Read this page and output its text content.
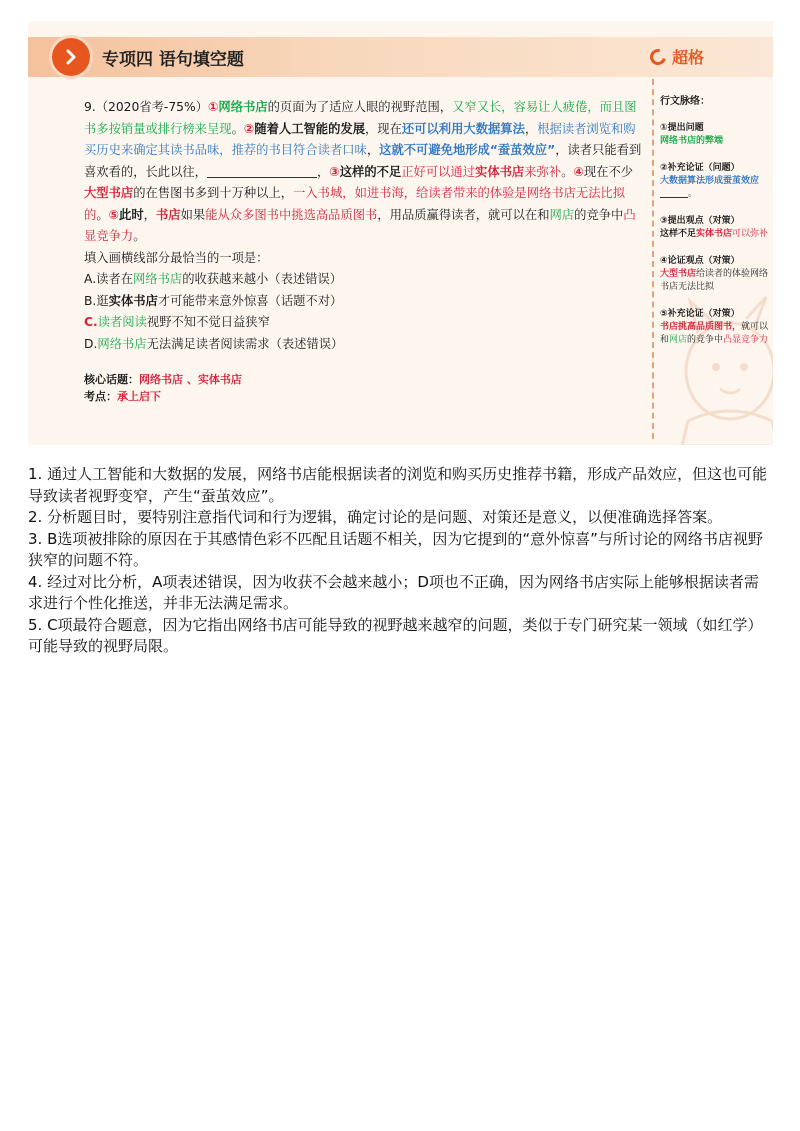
专项四 语句填空题	超格

9.（2020省考-75%）①网络书店的页面为了适应人眼的视野范围，又窄又长，容易让人疲倦，而且图书多按销量或排行榜来呈现。②随着人工智能的发展，现在还可以利用大数据算法，根据读者浏览和购买历史来确定其读书品味，推荐的书目符合读者口味，这就不可避免地形成“蚕茧效应”，读者只能看到喜欢看的，长此以往，	，③这样的不足正好可以通过实体书店来弥补。④现在不少大型书店的在售图书多到十万种以上，一入书城，如进书海，给读者带来的体验是网络书店无法比拟的。⑤此时，书店如果能从众多图书中挑选高品质图书，用品质赢得读者，就可以在和网店的竞争中凸显竞争力。

填入画横线部分最恰当的一项是：

A.读者在网络书店的收获越来越小（表述错误）

B.逛实体书店才可能带来意外惊喜（话题不对）

C.读者阅读视野不知不觉日益狭窄

D.网络书店无法满足读者阅读需求（表述错误）

核心话题：网络书店 、实体书店
考点：承上启下
行文脉络：
①提出问题
网络书店的弊端
②补充论证（问题）
大数据算法形成蚕茧效应。
③提出观点（对策）
这样不足实体书店可以弥补
④论证观点（对策）
大型书店给读者的体验网络书店无法比拟
⑤补充论证（对策）
书店挑高品质图书，就可以和网店的竞争中凸显竞争力

1. 通过人工智能和大数据的发展，网络书店能根据读者的浏览和购买历史推荐书籍，形成产品效应，但这也可能导致读者视野变窄，产生“蚕茧效应”。

2. 分析题目时，要特别注意指代词和行为逻辑，确定讨论的是问题、对策还是意义，以便准确选择答案。

3. B选项被排除的原因在于其感情色彩不匹配且话题不相关，因为它提到的“意外惊喜”与所讨论的网络书店视野狭窄的问题不符。

4. 经过对比分析，A项表述错误，因为收获不会越来越小；D项也不正确，因为网络书店实际上能够根据读者需求进行个性化推送，并非无法满足需求。

5. C项最符合题意，因为它指出网络书店可能导致的视野越来越窄的问题，类似于专门研究某一领域（如红学）可能导致的视野局限。
